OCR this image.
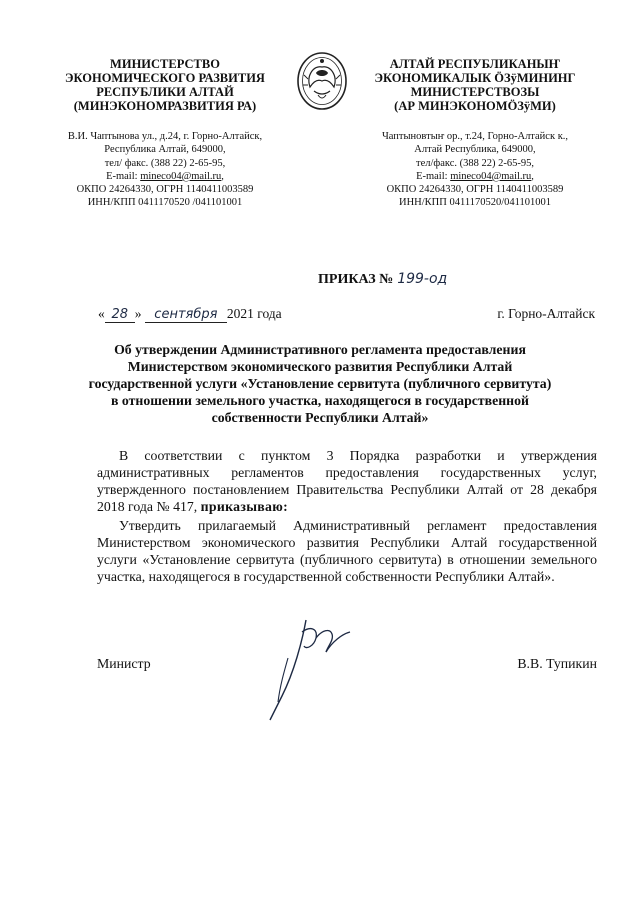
МИНИСТЕРСТВО
ЭКОНОМИЧЕСКОГО РАЗВИТИЯ
РЕСПУБЛИКИ АЛТАЙ
(МИНЭКОНОМРАЗВИТИЯ РА)
В.И. Чаптынова ул., д.24, г. Горно-Алтайск,
Республика Алтай, 649000,
тел/ факс. (388 22) 2-65-95,
E-mail: mineco04@mail.ru,
ОКПО 24264330, ОГРН 1140411003589
ИНН/КПП 0411170520 /041101001
АЛТАЙ РЕСПУБЛИКАНЫҤ
ЭКОНОМИКАЛЫК ÖЗÿМИНИНГ
МИНИСТЕРСТВОЗЫ
(АР МИНЭКОНОМÖЗÿМИ)
Чаптыновтыҥ ор., т.24, Горно-Алтайск к.,
Алтай Республика, 649000,
тел/факс. (388 22) 2-65-95,
E-mail: mineco04@mail.ru,
ОКПО 24264330, ОГРН 1140411003589
ИНН/КПП 0411170520/041101001
ПРИКАЗ № 199-од
« 28 » сентября 2021 года	г. Горно-Алтайск
Об утверждении Административного регламента предоставления
Министерством экономического развития Республики Алтай
государственной услуги «Установление сервитута (публичного сервитута)
в отношении земельного участка, находящегося в государственной
собственности Республики Алтай»
В соответствии с пунктом 3 Порядка разработки и утверждения административных регламентов предоставления государственных услуг, утвержденного постановлением Правительства Республики Алтай от 28 декабря 2018 года № 417, приказываю:
Утвердить прилагаемый Административный регламент предоставления Министерством экономического развития Республики Алтай государственной услуги «Установление сервитута (публичного сервитута) в отношении земельного участка, находящегося в государственной собственности Республики Алтай».
Министр	В.В. Тупикин
